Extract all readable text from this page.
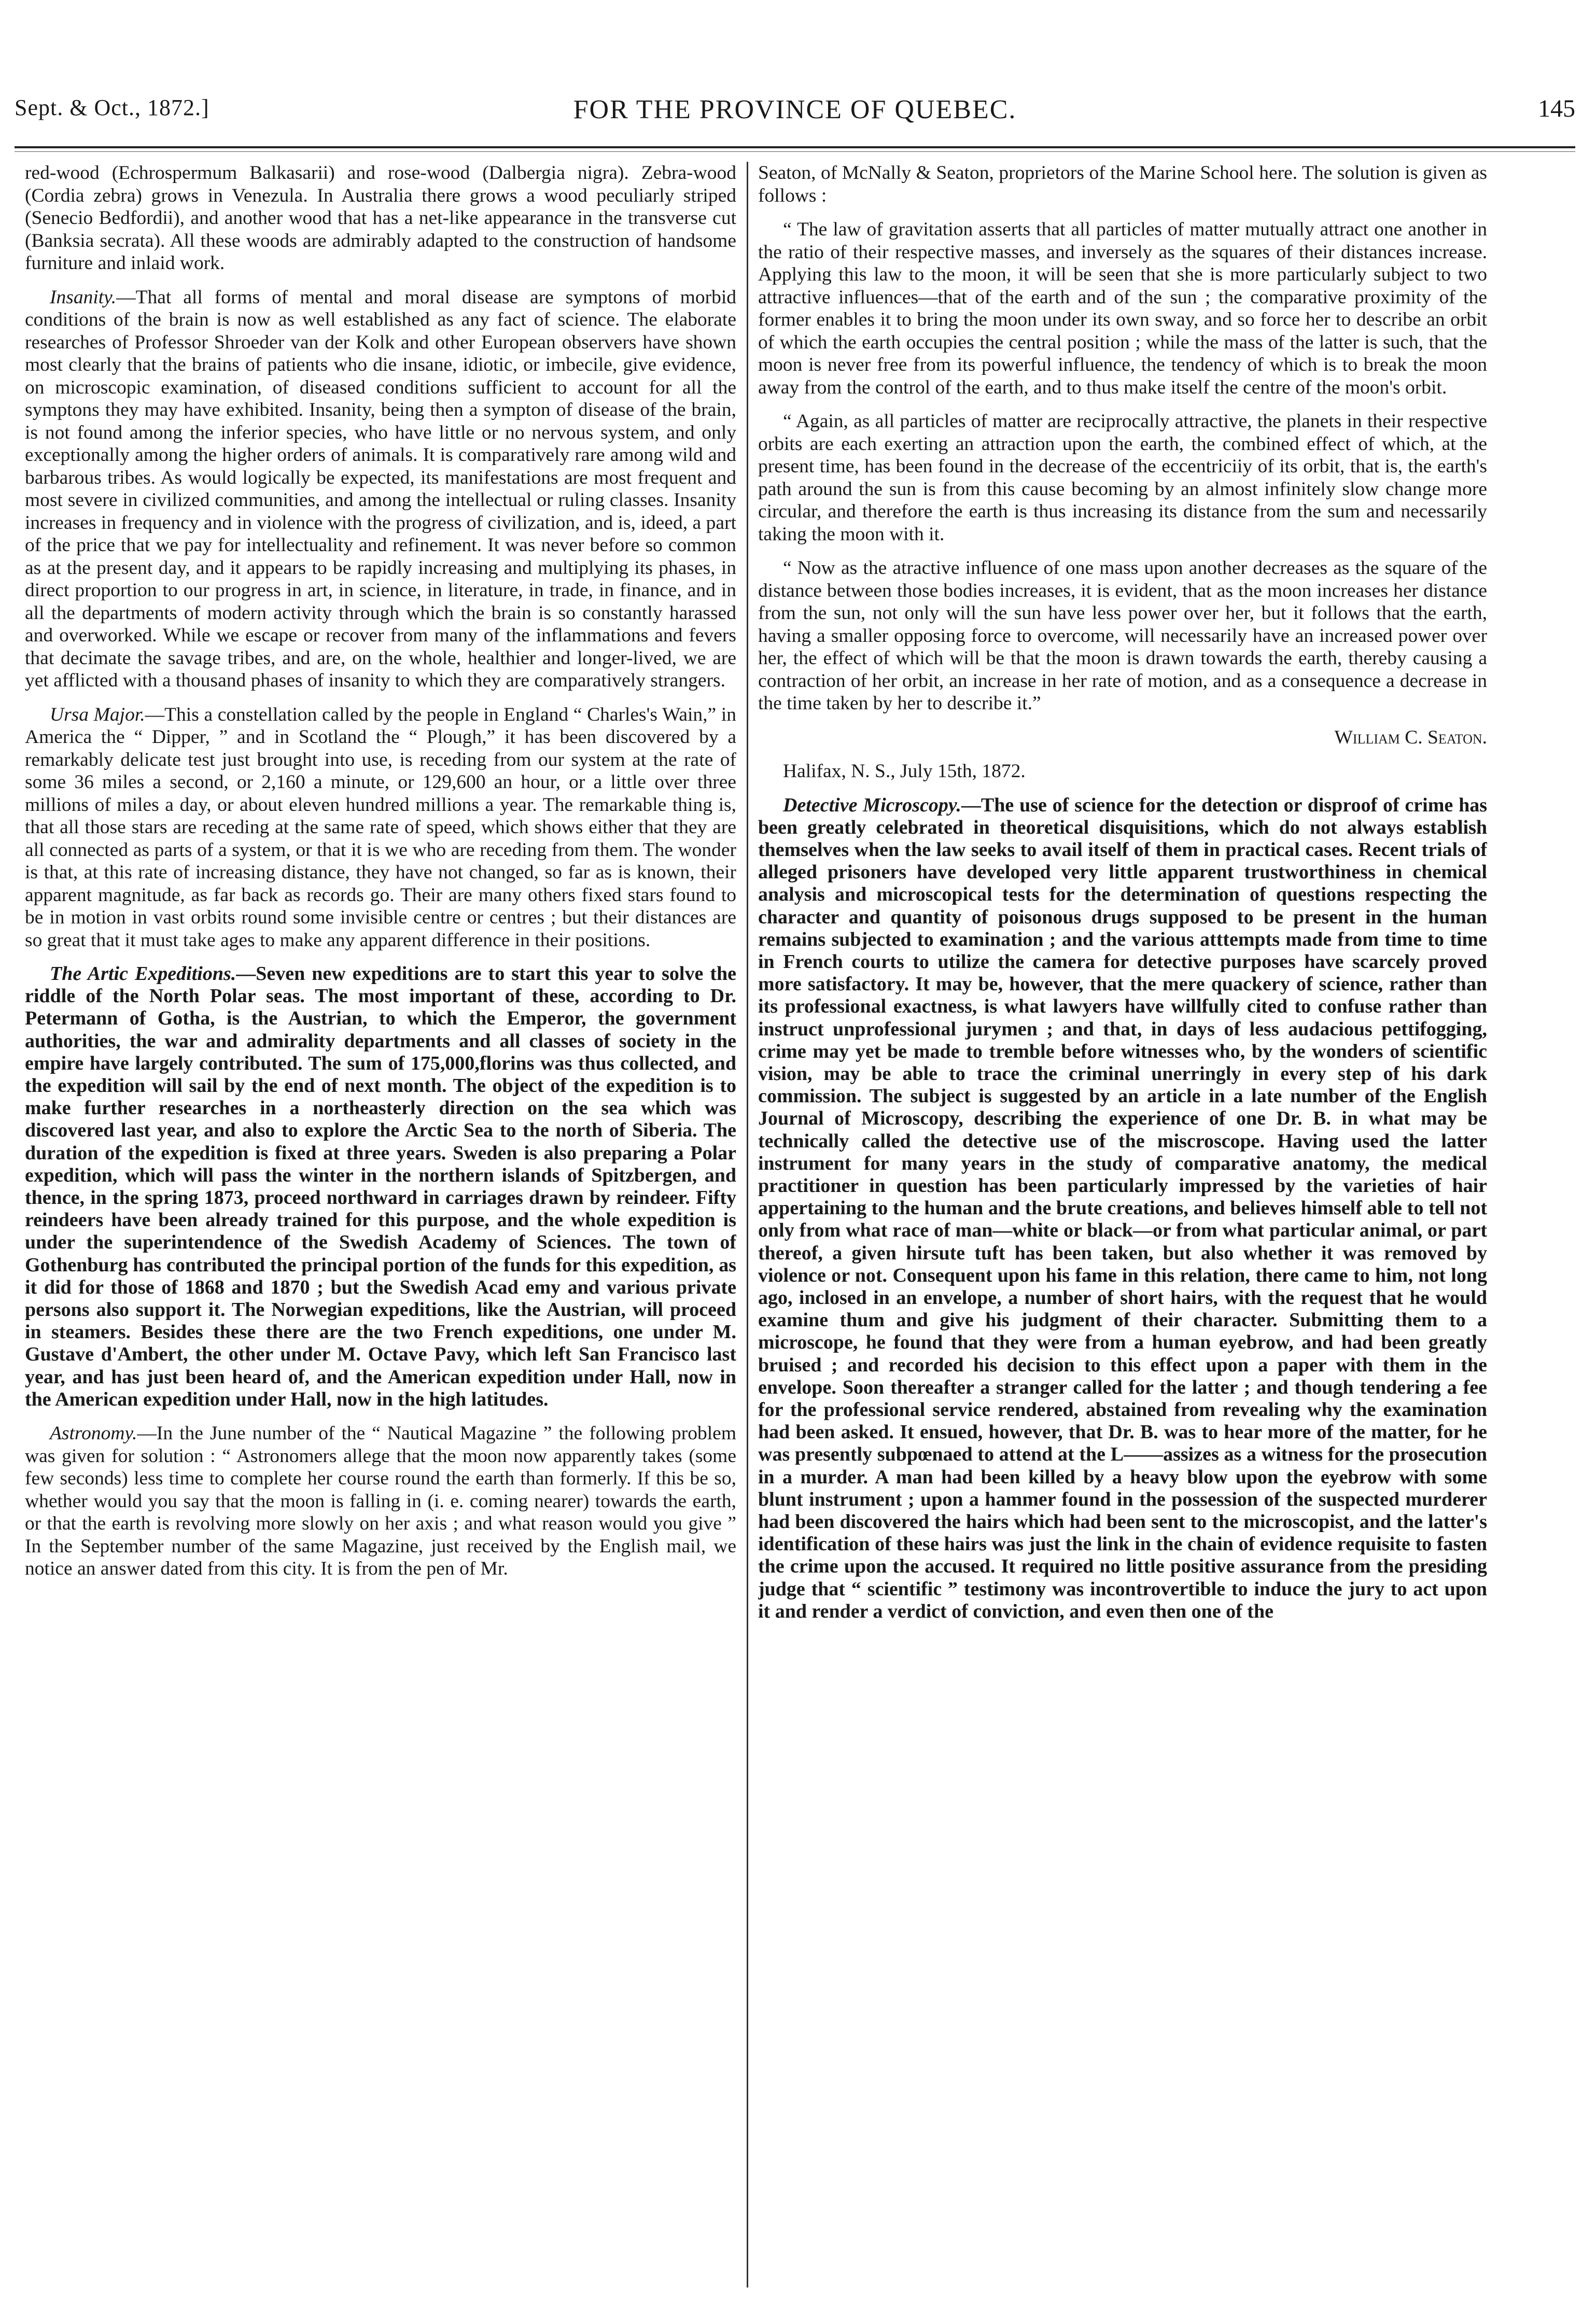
Sept. & Oct., 1872.]	FOR THE PROVINCE OF QUEBEC.	145

red-wood (Echrospermum Balkasarii) and rose-wood (Dalbergia nigra). Zebra-wood (Cordia zebra) grows in Venezula. In Australia there grows a wood peculiarly striped (Senecio Bedfordii), and another wood that has a net-like appearance in the transverse cut (Banksia secrata). All these woods are admirably adapted to the construction of handsome furniture and inlaid work.

Insanity.—That all forms of mental and moral disease are symptons of morbid conditions of the brain is now as well established as any fact of science. The elaborate researches of Professor Shroeder van der Kolk and other European observers have shown most clearly that the brains of patients who die insane, idiotic, or imbecile, give evidence, on microscopic examination, of diseased conditions sufficient to account for all the symptons they may have exhibited. Insanity, being then a sympton of disease of the brain, is not found among the inferior species, who have little or no nervous system, and only exceptionally among the higher orders of animals. It is comparatively rare among wild and barbarous tribes. As would logically be expected, its manifestations are most frequent and most severe in civilized communities, and among the intellectual or ruling classes. Insanity increases in frequency and in violence with the progress of civilization, and is, ideed, a part of the price that we pay for intellectuality and refinement. It was never before so common as at the present day, and it appears to be rapidly increasing and multiplying its phases, in direct proportion to our progress in art, in science, in literature, in trade, in finance, and in all the departments of modern activity through which the brain is so constantly harassed and overworked. While we escape or recover from many of the inflammations and fevers that decimate the savage tribes, and are, on the whole, healthier and longer-lived, we are yet afflicted with a thousand phases of insanity to which they are comparatively strangers.

Ursa Major.—This a constellation called by the people in England “ Charles's Wain,” in America the “ Dipper, ” and in Scotland the “ Plough,” it has been discovered by a remarkably delicate test just brought into use, is receding from our system at the rate of some 36 miles a second, or 2,160 a minute, or 129,600 an hour, or a little over three millions of miles a day, or about eleven hundred millions a year. The remarkable thing is, that all those stars are receding at the same rate of speed, which shows either that they are all connected as parts of a system, or that it is we who are receding from them. The wonder is that, at this rate of increasing distance, they have not changed, so far as is known, their apparent magnitude, as far back as records go. Their are many others fixed stars found to be in motion in vast orbits round some invisible centre or centres ; but their distances are so great that it must take ages to make any apparent difference in their positions.

The Artic Expeditions.—Seven new expeditions are to start this year to solve the riddle of the North Polar seas. The most important of these, according to Dr. Petermann of Gotha, is the Austrian, to which the Emperor, the government authorities, the war and admirality departments and all classes of society in the empire have largely contributed. The sum of 175,000,florins was thus collected, and the expedition will sail by the end of next month. The object of the expedition is to make further researches in a northeasterly direction on the sea which was discovered last year, and also to explore the Arctic Sea to the north of Siberia. The duration of the expedition is fixed at three years. Sweden is also preparing a Polar expedition, which will pass the winter in the northern islands of Spitzbergen, and thence, in the spring 1873, proceed northward in carriages drawn by reindeer. Fifty reindeers have been already trained for this purpose, and the whole expedition is under the superintendence of the Swedish Academy of Sciences. The town of Gothenburg has contributed the principal portion of the funds for this expedition, as it did for those of 1868 and 1870 ; but the Swedish Acad emy and various private persons also support it. The Norwegian expeditions, like the Austrian, will proceed in steamers. Besides these there are the two French expeditions, one under M. Gustave d'Ambert, the other under M. Octave Pavy, which left San Francisco last year, and has just been heard of, and the American expedition under Hall, now in the American expedition under Hall, now in the high latitudes.

Astronomy.—In the June number of the “ Nautical Magazine ” the following problem was given for solution : “ Astronomers allege that the moon now apparently takes (some few seconds) less time to complete her course round the earth than formerly. If this be so, whether would you say that the moon is falling in (i. e. coming nearer) towards the earth, or that the earth is revolving more slowly on her axis ; and what reason would you give ” In the September number of the same Magazine, just received by the English mail, we notice an answer dated from this city. It is from the pen of Mr.

Seaton, of McNally & Seaton, proprietors of the Marine School here. The solution is given as follows :

“ The law of gravitation asserts that all particles of matter mutually attract one another in the ratio of their respective masses, and inversely as the squares of their distances increase. Applying this law to the moon, it will be seen that she is more particularly subject to two attractive influences—that of the earth and of the sun ; the comparative proximity of the former enables it to bring the moon under its own sway, and so force her to describe an orbit of which the earth occupies the central position ; while the mass of the latter is such, that the moon is never free from its powerful influence, the tendency of which is to break the moon away from the control of the earth, and to thus make itself the centre of the moon's orbit.

“ Again, as all particles of matter are reciprocally attractive, the planets in their respective orbits are each exerting an attraction upon the earth, the combined effect of which, at the present time, has been found in the decrease of the eccentriciiy of its orbit, that is, the earth's path around the sun is from this cause becoming by an almost infinitely slow change more circular, and therefore the earth is thus increasing its distance from the sum and necessarily taking the moon with it.

“ Now as the atractive influence of one mass upon another decreases as the square of the distance between those bodies increases, it is evident, that as the moon increases her distance from the sun, not only will the sun have less power over her, but it follows that the earth, having a smaller opposing force to overcome, will necessarily have an increased power over her, the effect of which will be that the moon is drawn towards the earth, thereby causing a contraction of her orbit, an increase in her rate of motion, and as a consequence a decrease in the time taken by her to describe it.”

William C. Seaton.

Halifax, N. S., July 15th, 1872.

Detective Microscopy.—The use of science for the detection or disproof of crime has been greatly celebrated in theoretical disquisitions, which do not always establish themselves when the law seeks to avail itself of them in practical cases. Recent trials of alleged prisoners have developed very little apparent trustworthiness in chemical analysis and microscopical tests for the determination of questions respecting the character and quantity of poisonous drugs supposed to be present in the human remains subjected to examination ; and the various atttempts made from time to time in French courts to utilize the camera for detective purposes have scarcely proved more satisfactory. It may be, however, that the mere quackery of science, rather than its professional exactness, is what lawyers have willfully cited to confuse rather than instruct unprofessional jurymen ; and that, in days of less audacious pettifogging, crime may yet be made to tremble before witnesses who, by the wonders of scientific vision, may be able to trace the criminal unerringly in every step of his dark commission. The subject is suggested by an article in a late number of the English Journal of Microscopy, describing the experience of one Dr. B. in what may be technically called the detective use of the miscroscope. Having used the latter instrument for many years in the study of comparative anatomy, the medical practitioner in question has been particularly impressed by the varieties of hair appertaining to the human and the brute creations, and believes himself able to tell not only from what race of man—white or black—or from what particular animal, or part thereof, a given hirsute tuft has been taken, but also whether it was removed by violence or not. Consequent upon his fame in this relation, there came to him, not long ago, inclosed in an envelope, a number of short hairs, with the request that he would examine thum and give his judgment of their character. Submitting them to a microscope, he found that they were from a human eyebrow, and had been greatly bruised ; and recorded his decision to this effect upon a paper with them in the envelope. Soon thereafter a stranger called for the latter ; and though tendering a fee for the professional service rendered, abstained from revealing why the examination had been asked. It ensued, however, that Dr. B. was to hear more of the matter, for he was presently subpœnaed to attend at the L——assizes as a witness for the prosecution in a murder. A man had been killed by a heavy blow upon the eyebrow with some blunt instrument ; upon a hammer found in the possession of the suspected murderer had been discovered the hairs which had been sent to the microscopist, and the latter's identification of these hairs was just the link in the chain of evidence requisite to fasten the crime upon the accused. It required no little positive assurance from the presiding judge that “ scientific ” testimony was incontrovertible to induce the jury to act upon it and render a verdict of conviction, and even then one of the
